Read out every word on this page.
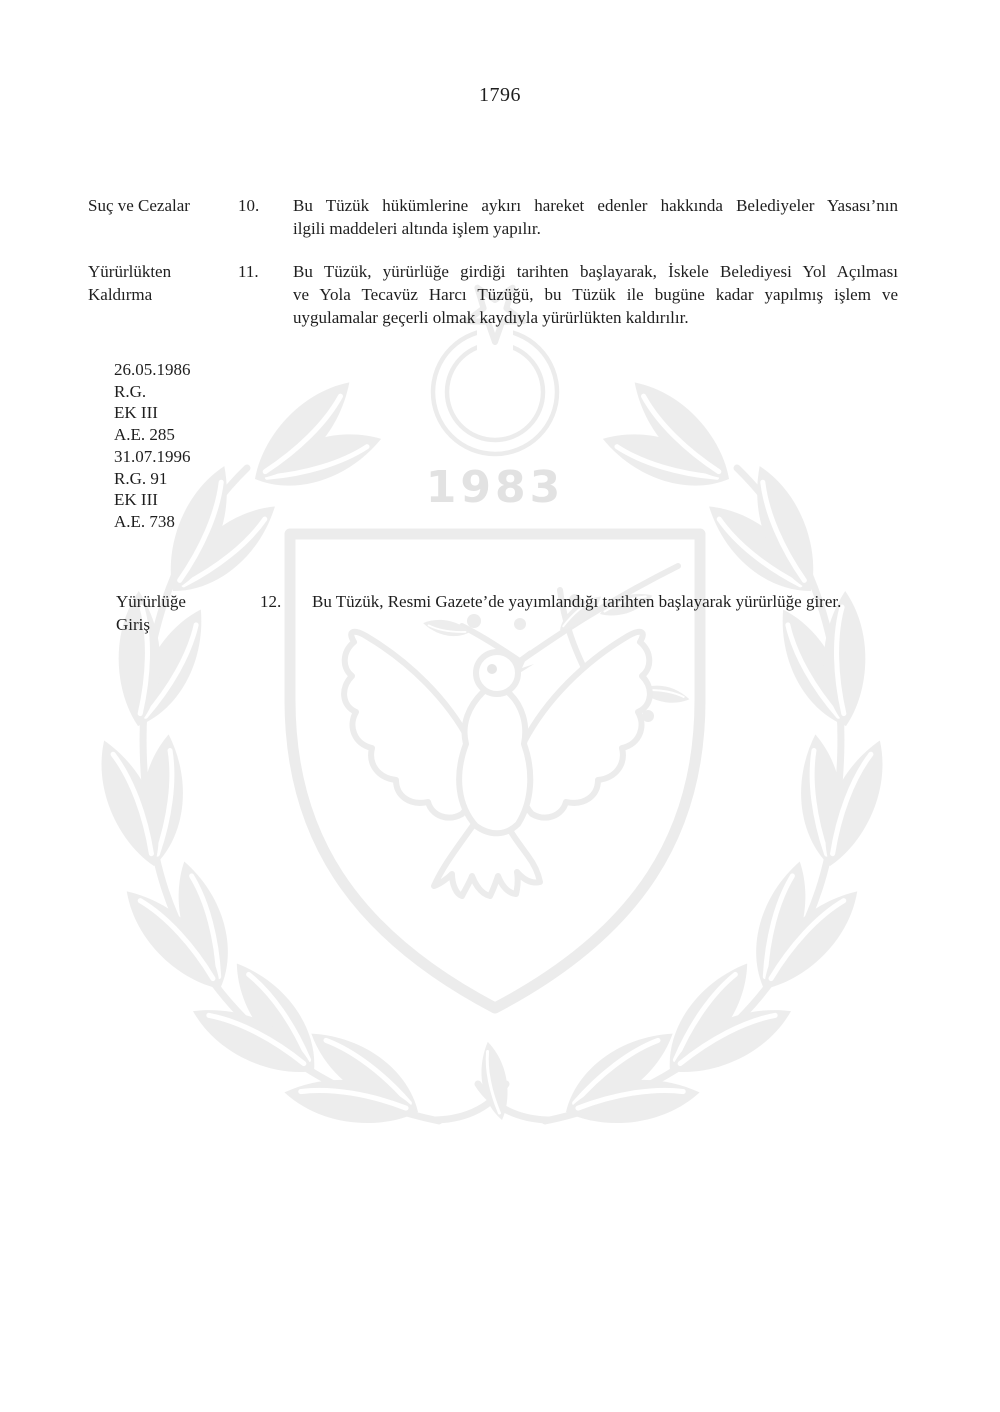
1983
1796
Suç ve Cezalar	10. Bu Tüzük hükümlerine aykırı hareket edenler hakkında Belediyeler Yasası’nın
ilgili maddeleri altında işlem yapılır.
Yürürlükten
Kaldırma
11. Bu Tüzük, yürürlüğe girdiği tarihten başlayarak, İskele Belediyesi Yol Açılması
ve Yola Tecavüz Harcı Tüzüğü, bu Tüzük ile bugüne kadar yapılmış işlem ve
uygulamalar geçerli olmak kaydıyla yürürlükten kaldırılır.
26.05.1986
R.G.
EK III
A.E. 285
31.07.1996
R.G. 91
EK III
A.E. 738
Yürürlüğe
Giriş
12. Bu Tüzük, Resmi Gazete’de yayımlandığı tarihten başlayarak yürürlüğe girer.
